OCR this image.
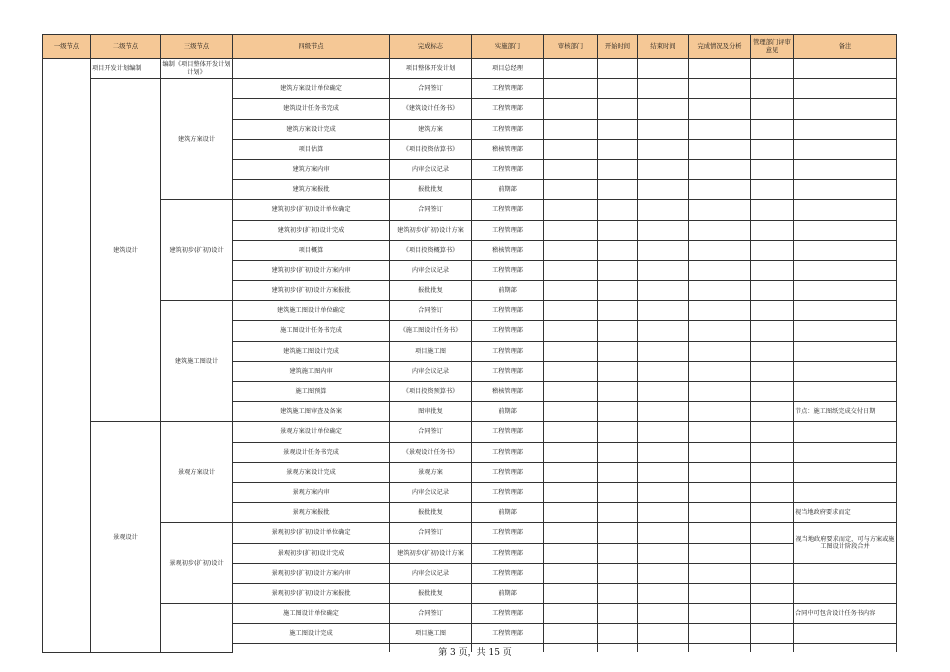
一级节点	二级节点	三级节点	四级节点	完成标志	实施部门	审核部门	开始时间	结束时间	完成情况及分析	管理部门评审意见	备注
	项目开发计划编制	编制《项目整体开发计划计划》		项目整体开发计划	项目总经理						
	建筑设计	建筑方案设计	建筑方案设计单位确定	合同签订	工程管理部						
			建筑设计任务书完成	《建筑设计任务书》	工程管理部						
			建筑方案设计完成	建筑方案	工程管理部						
			项目估算	《项目投资估算书》	稽核管理部						
			建筑方案内审	内审会议记录	工程管理部						
			建筑方案报批	报批批复	前期部						
		建筑初步(扩初)设计	建筑初步(扩初)设计单位确定	合同签订	工程管理部						
			建筑初步(扩初)设计完成	建筑初步(扩初)设计方案	工程管理部						
			项目概算	《项目投资概算书》	稽核管理部						
			建筑初步(扩初)设计方案内审	内审会议记录	工程管理部						
			建筑初步(扩初)设计方案报批	报批批复	前期部						
		建筑施工图设计	建筑施工图设计单位确定	合同签订	工程管理部						
			施工图设计任务书完成	《施工图设计任务书》	工程管理部						
			建筑施工图设计完成	项目施工图	工程管理部						
			建筑施工图内审	内审会议记录	工程管理部						
			施工图预算	《项目投资预算书》	稽核管理部						
			建筑施工图审查及备案	图审批复	前期部						节点：施工图纸完成交付日期
	景观设计	景观方案设计	景观方案设计单位确定	合同签订	工程管理部						
			景观设计任务书完成	《景观设计任务书》	工程管理部						
			景观方案设计完成	景观方案	工程管理部						
			景观方案内审	内审会议记录	工程管理部						
			景观方案报批	报批批复	前期部						视当地政府要求而定
		景观初步(扩初)设计	景观初步(扩初)设计单位确定	合同签订	工程管理部						视当地政府要求而定，可与方案或施工图设计阶段合并
			景观初步(扩初)设计完成	建筑初步(扩初)设计方案	工程管理部						
			景观初步(扩初)设计方案内审	内审会议记录	工程管理部						
			景观初步(扩初)设计方案报批	报批批复	前期部						
			施工图设计单位确定	合同签订	工程管理部						合同中可包含设计任务书内容
			施工图设计完成	项目施工图	工程管理部						

第 3 页，共 15 页
